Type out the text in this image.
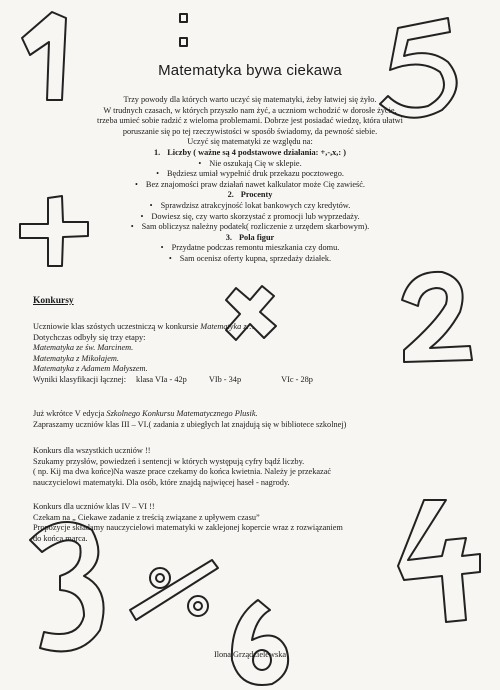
Matematyka bywa ciekawa

Trzy powody dla których warto uczyć się matematyki, żeby łatwiej się żyło.

W trudnych czasach, w których przyszło nam żyć, a uczniom wchodzić w dorosłe życie,

trzeba umieć sobie radzić z wieloma problemami. Dobrze jest posiadać wiedzę, która ułatwi

poruszanie się po tej rzeczywistości w sposób świadomy, da pewność siebie.

Uczyć się matematyki ze względu na:

1. Liczby ( ważne są 4 podstawowe działania: +,-,x,: )
• Nie oszukają Cię w sklepie.
• Będziesz umiał wypełnić druk przekazu pocztowego.
• Bez znajomości praw działań nawet kalkulator może Cię zawieść.
2. Procenty
• Sprawdzisz atrakcyjność lokat bankowych czy kredytów.
• Dowiesz się, czy warto skorzystać z promocji lub wyprzedaży.
• Sam obliczysz należny podatek( rozliczenie z urzędem skarbowym).
3. Pola figur
• Przydatne podczas remontu mieszkania czy domu.
• Sam ocenisz oferty kupna, sprzedaży działek.
Konkursy

Uczniowie klas szóstych uczestniczą w konkursie Matematyka z…

Dotychczas odbyły się trzy etapy:

Matematyka ze św. Marcinem.

Matematyka z Mikołajem.

Matematyka z Adamem Małyszem.

Wyniki klasyfikacji łącznej: klasa VIa - 42p	VIb - 34p	VIc - 28p

Już wkrótce V edycja Szkolnego Konkursu Matematycznego Plusik.

Zapraszamy uczniów klas III – VI.( zadania z ubiegłych lat znajdują się w bibliotece szkolnej)

Konkurs dla wszystkich uczniów !!

Szukamy przysłów, powiedzeń i sentencji w których występują cyfry bądź liczby.

( np. Kij ma dwa końce)Na wasze prace czekamy do końca kwietnia. Należy je przekazać

nauczycielowi matematyki. Dla osób, które znajdą najwięcej haseł - nagrody.

Konkurs dla uczniów klas IV – VI !!

Czekam na „ Ciekawe zadanie z treścią związane z upływem czasu”

Propozycje składamy nauczycielowi matematyki w zaklejonej kopercie wraz z rozwiązaniem

do końca marca.

Ilona Grządzielewska
